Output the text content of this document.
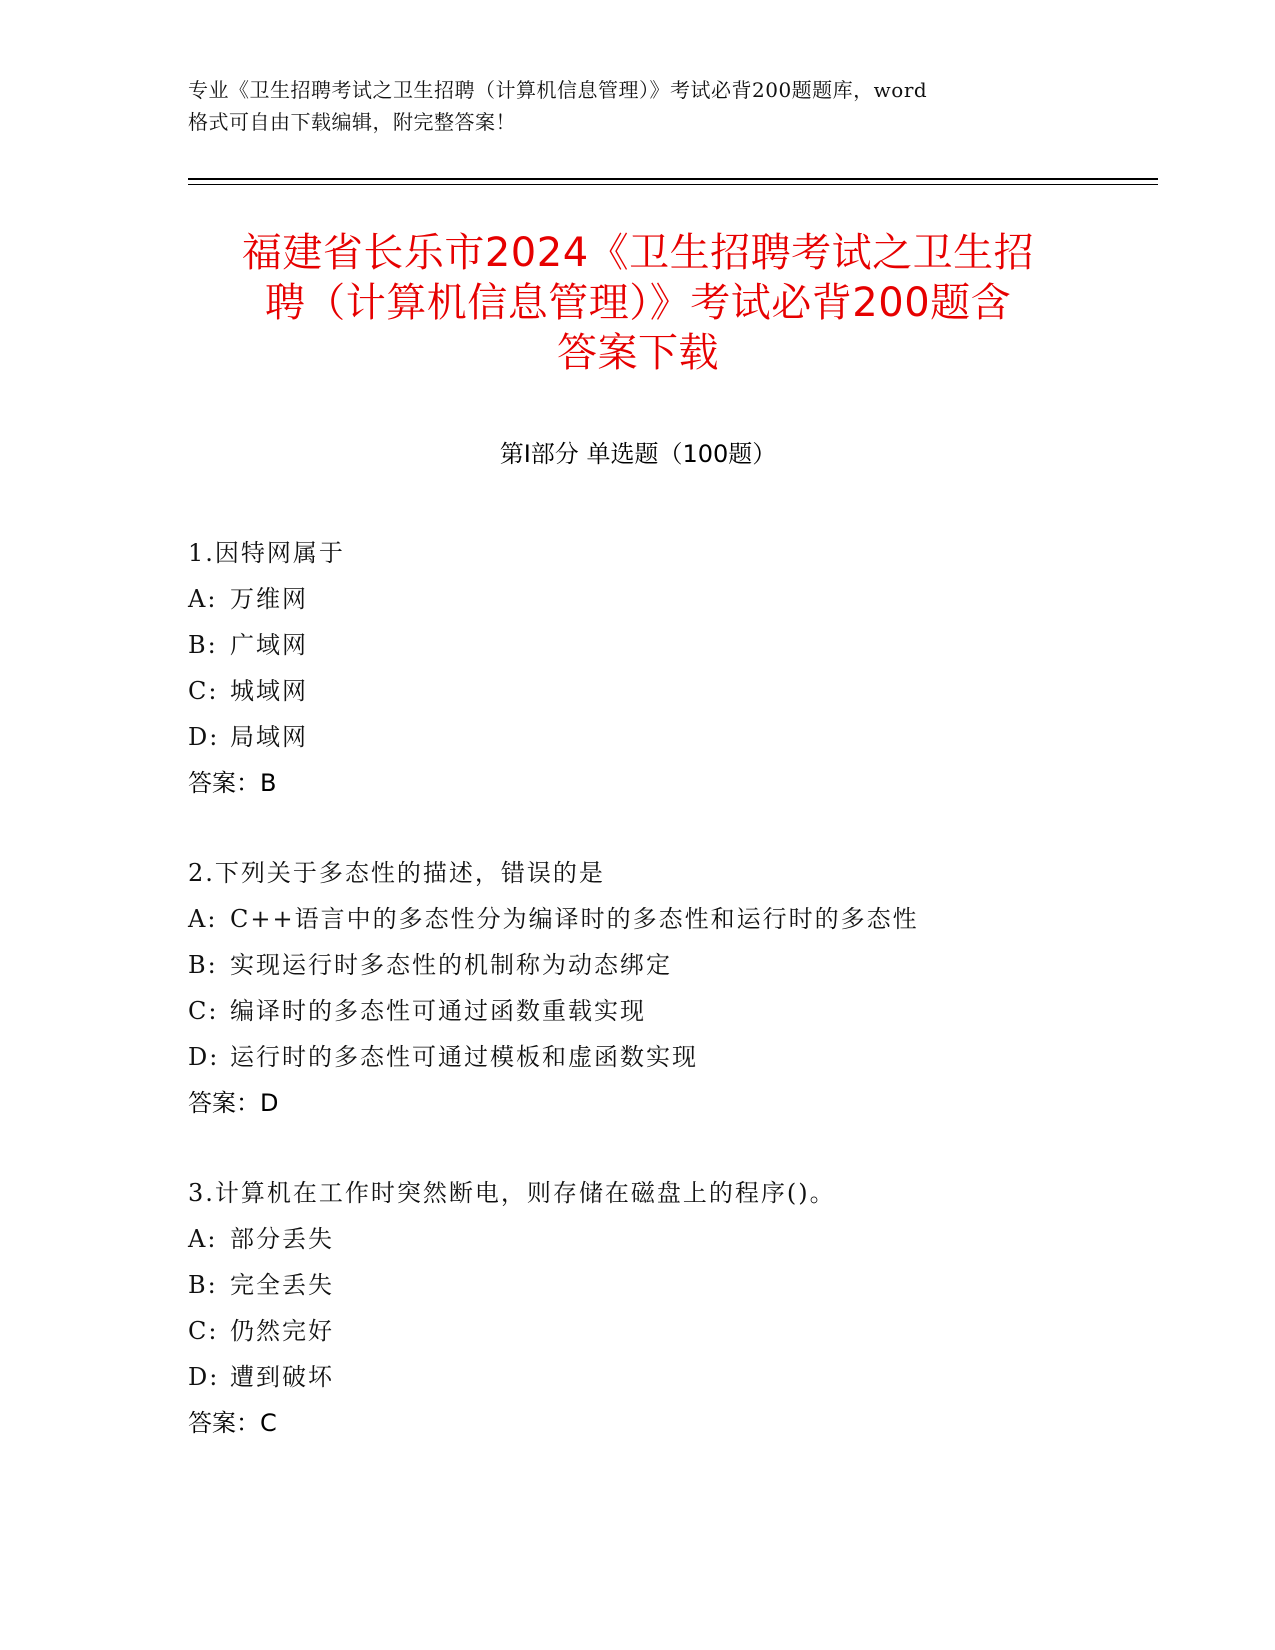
专业《卫生招聘考试之卫生招聘（计算机信息管理）》考试必背200题题库，word
格式可自由下载编辑，附完整答案！
福建省长乐市2024《卫生招聘考试之卫生招
聘（计算机信息管理）》考试必背200题含
答案下载
第Ⅰ部分 单选题（100题）
1.因特网属于
A: 万维网
B: 广域网
C: 城域网
D: 局域网
答案：B
2.下列关于多态性的描述，错误的是
A: C++语言中的多态性分为编译时的多态性和运行时的多态性
B: 实现运行时多态性的机制称为动态绑定
C: 编译时的多态性可通过函数重载实现
D: 运行时的多态性可通过模板和虚函数实现
答案：D
3.计算机在工作时突然断电，则存储在磁盘上的程序()。
A: 部分丢失
B: 完全丢失
C: 仍然完好
D: 遭到破坏
答案：C
